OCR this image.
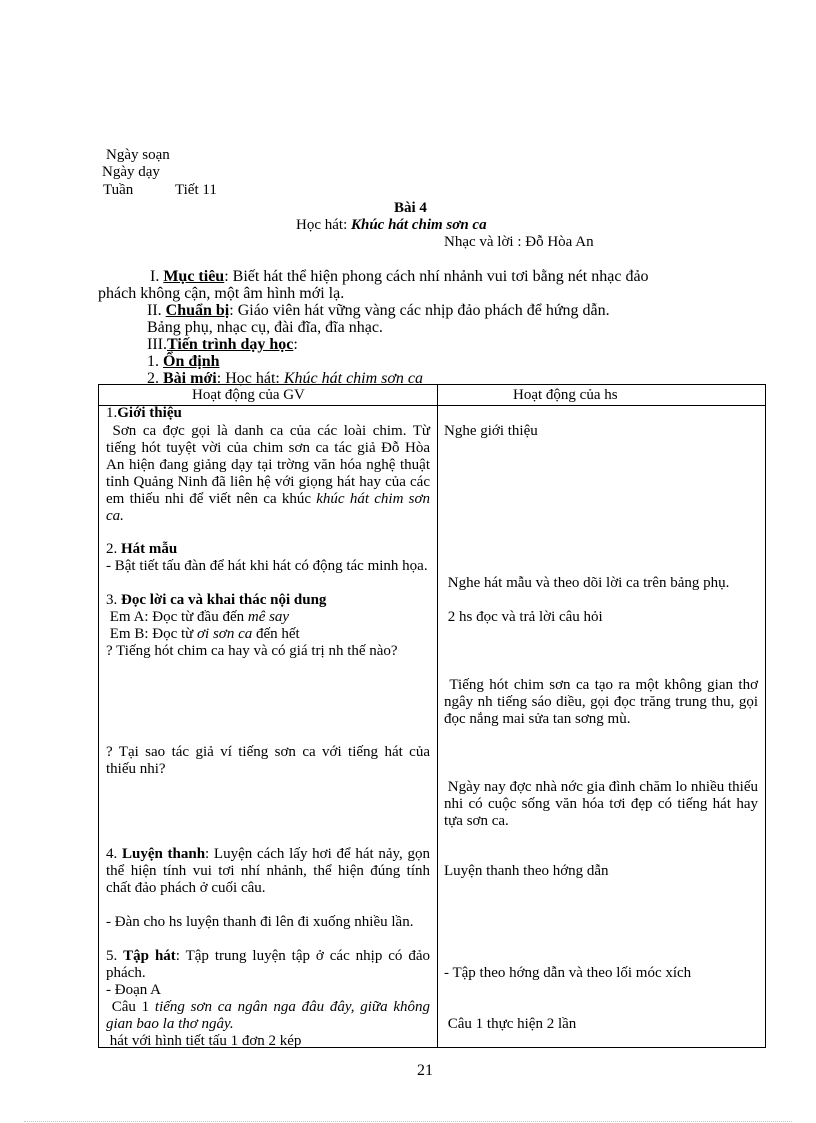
Ngày soạn
Ngày dạy
Tuần	Tiết 11
Bài 4
Học hát: Khúc hát chim sơn ca
Nhạc và lời : Đỗ Hòa An
I. Mục tiêu: Biết hát thể hiện phong cách nhí nhảnh vui tơi bằng nét nhạc đảo
phách không cận, một âm hình mới lạ.
II. Chuẩn bị: Giáo viên hát vững vàng các nhịp đảo phách để hứng dẫn.
Bảng phụ, nhạc cụ, đài đĩa, đĩa nhạc.
III.Tiến trình dạy học:
1. Ổn định
2. Bài mới: Học hát: Khúc hát chim sơn ca
Hoạt động của GV	Hoạt động của hs
1.Giới thiệu
Sơn ca đợc gọi là danh ca của các loài chim. Từ tiếng hót tuyệt vời của chim sơn ca tác giả Đỗ Hòa An hiện đang giảng dạy tại trờng văn hóa nghệ thuật tỉnh Quảng Ninh đã liên hệ với giọng hát hay của các em thiếu nhi để viết nên ca khúc khúc hát chim sơn ca.
2. Hát mẫu
- Bật tiết tấu đàn để hát khi hát có động tác minh họa.
3. Đọc lời ca và khai thác nội dung
Em A: Đọc từ đầu đến mê say
Em B: Đọc từ ơi sơn ca đến hết
? Tiếng hót chim ca hay và có giá trị nh thế nào?
? Tại sao tác giả ví tiếng sơn ca với tiếng hát của thiếu nhi?
4. Luyện thanh: Luyện cách lấy hơi để hát nảy, gọn thể hiện tính vui tơi nhí nhảnh, thể hiện đúng tính chất đảo phách ở cuối câu.
- Đàn cho hs luyện thanh đi lên đi xuống nhiều lần.
5. Tập hát: Tập trung luyện tập ở các nhịp có đảo phách.
- Đoạn A
Câu 1 tiếng sơn ca ngân nga đâu đây, giữa không gian bao la thơ ngây.
hát với hình tiết tấu 1 đơn 2 kép
Nghe giới thiệu
Nghe hát mẫu và theo dõi lời ca trên bảng phụ.
2 hs đọc và trả lời câu hỏi
Tiếng hót chim sơn ca tạo ra một không gian thơ ngây nh tiếng sáo diều, gọi đọc trăng trung thu, gọi đọc nắng mai sửa tan sơng mù.
Ngày nay đợc nhà nớc gia đình chăm lo nhiều thiếu nhi có cuộc sống văn hóa tơi đẹp có tiếng hát hay tựa sơn ca.
Luyện thanh theo hớng dẫn
- Tập theo hớng dẫn và theo lối móc xích
Câu 1 thực hiện 2 lần
21
